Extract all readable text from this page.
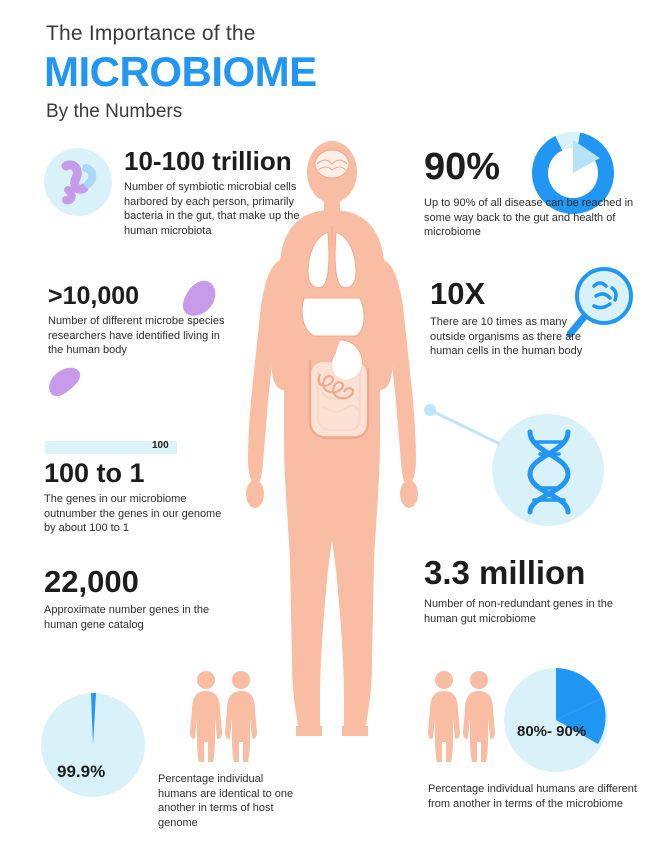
The Importance of the
MICROBIOME
By the Numbers
10-100 trillion
Number of symbiotic microbial cells harbored by each person, primarily bacteria in the gut, that make up the human microbiota
>10,000
Number of different microbe species researchers have identified living in the human body
100
100 to 1
The genes in our microbiome outnumber the genes in our genome by about 100 to 1
22,000
Approximate number genes in the human gene catalog
90%
Up to 90% of all disease can be reached in some way back to the gut and health of microbiome
10X
There are 10 times as many outside organisms as there are human cells in the human body
3.3 million
Number of non-redundant genes in the human gut microbiome
99.9%	Percentage individual humans are identical to one another in terms of host genome
80%- 90%
Percentage individual humans are different from another in terms of the microbiome
